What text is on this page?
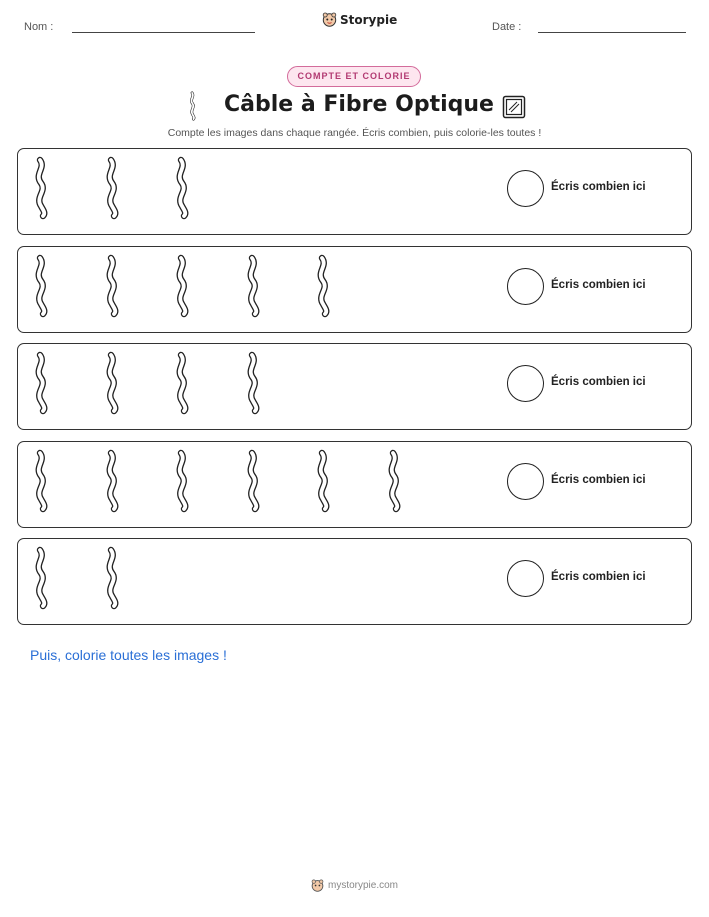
Nom :
Storypie
Date :
COMPTE ET COLORIE
Câble à Fibre Optique
Compte les images dans chaque rangée. Écris combien, puis colorie-les toutes !
Écris combien ici
Écris combien ici
Écris combien ici
Écris combien ici
Écris combien ici
Puis, colorie toutes les images !
mystorypie.com
